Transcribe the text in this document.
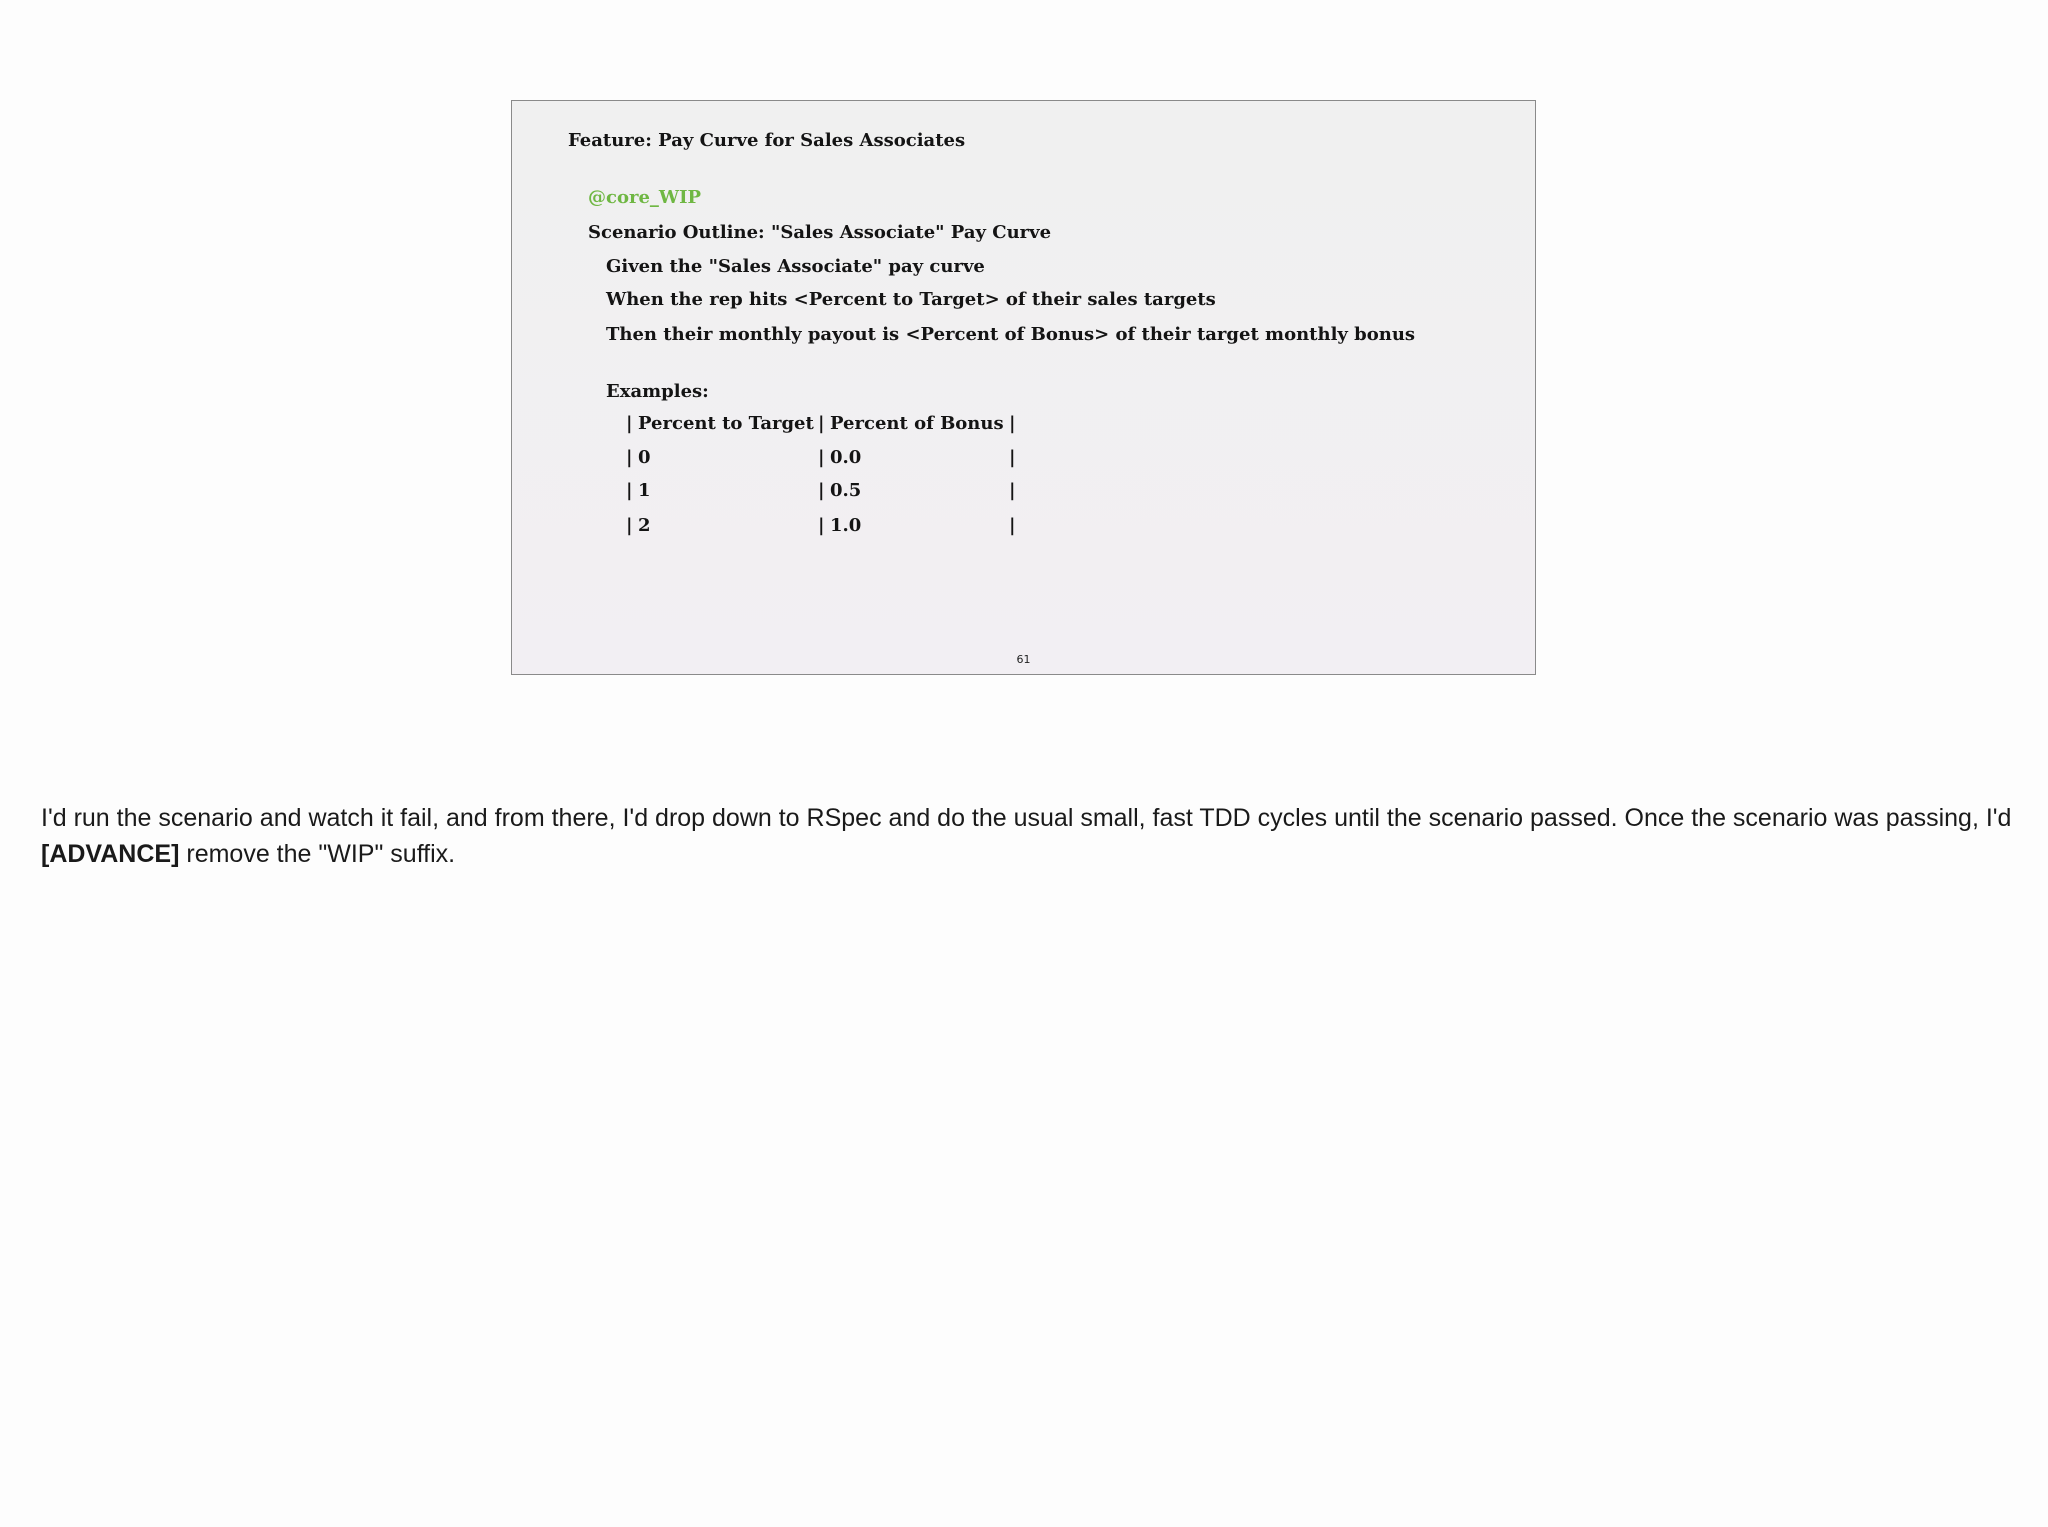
Feature: Pay Curve for Sales Associates
@core_WIP
Scenario Outline: "Sales Associate" Pay Curve
Given the "Sales Associate" pay curve
When the rep hits <Percent to Target> of their sales targets
Then their monthly payout is <Percent of Bonus> of their target monthly bonus
Examples:
| Percent to Target | Percent of Bonus |
| 0	| 0.0	|
| 1	| 0.5	|
| 2	| 1.0	|
61
I'd run the scenario and watch it fail, and from there, I'd drop down to RSpec and do the usual small, fast TDD cycles until the scenario passed. Once the scenario was passing, I'd [ADVANCE] remove the "WIP" suffix.
